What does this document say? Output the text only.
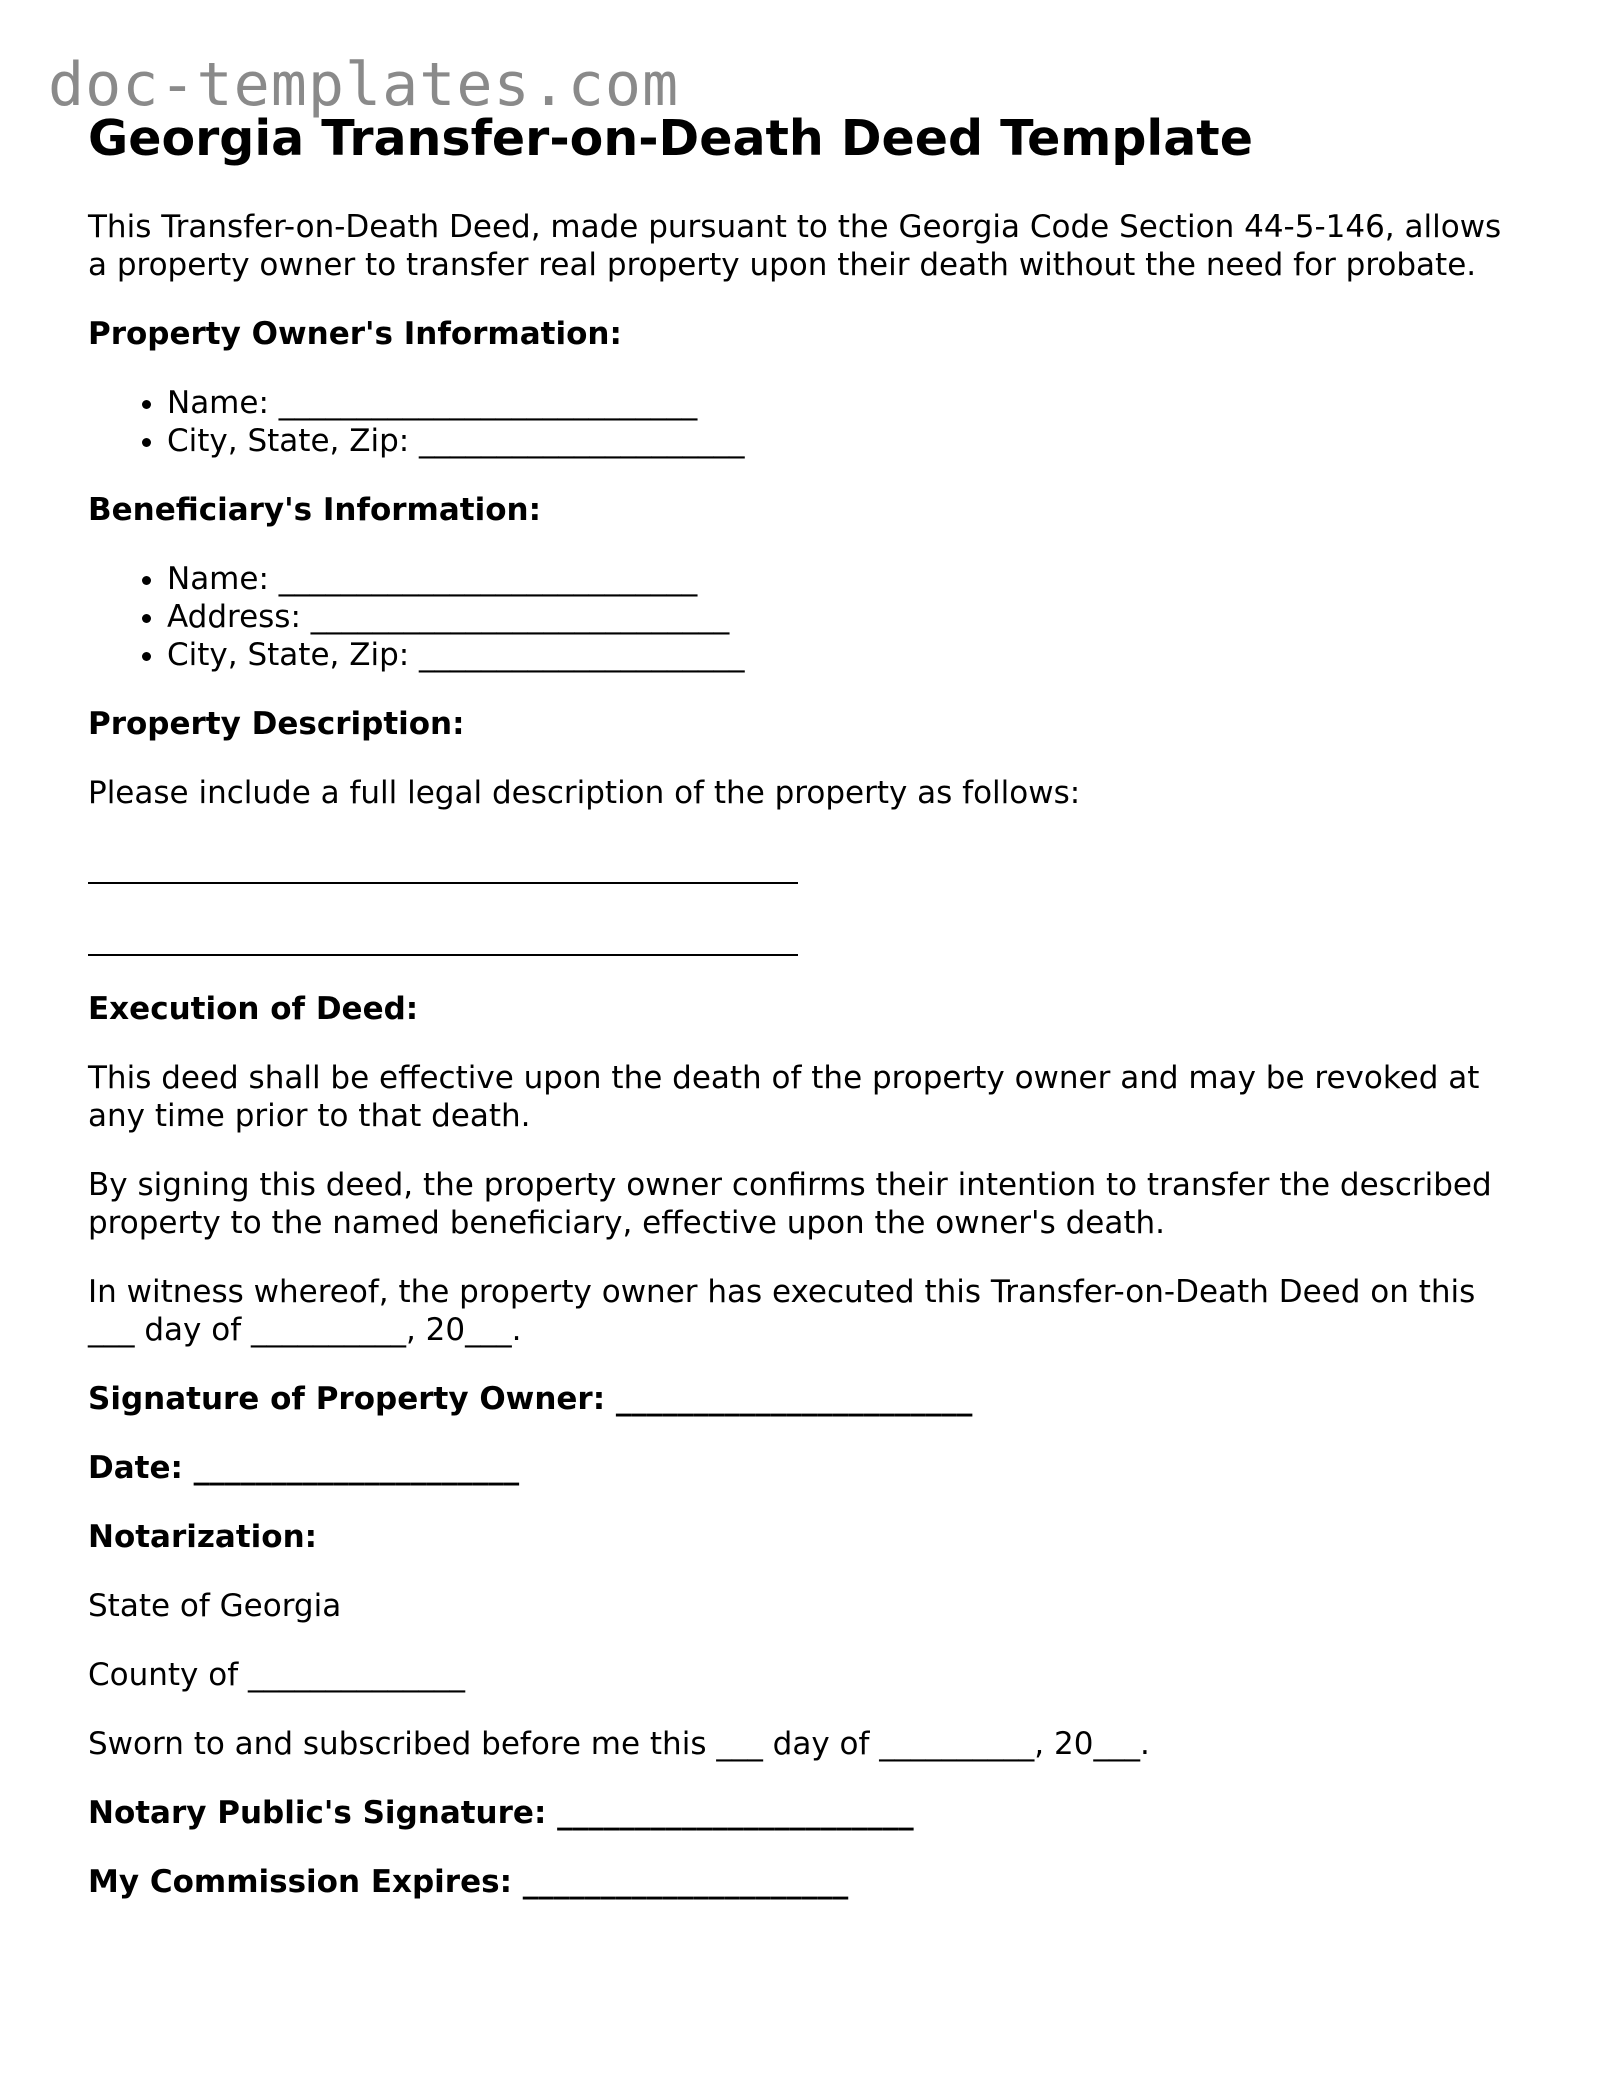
doc-templates.com
Georgia Transfer-on-Death Deed Template

This Transfer-on-Death Deed, made pursuant to the Georgia Code Section 44-5-146, allows a property owner to transfer real property upon their death without the need for probate.

Property Owner's Information:

• Name: ___________________________
• City, State, Zip: _____________________

Beneficiary's Information:

• Name: ___________________________
• Address: ___________________________
• City, State, Zip: _____________________

Property Description:

Please include a full legal description of the property as follows:

Execution of Deed:

This deed shall be effective upon the death of the property owner and may be revoked at any time prior to that death.

By signing this deed, the property owner confirms their intention to transfer the described property to the named beneficiary, effective upon the owner's death.

In witness whereof, the property owner has executed this Transfer-on-Death Deed on this ___ day of __________, 20___.

Signature of Property Owner: _______________________

Date: _____________________

Notarization:

State of Georgia

County of ______________

Sworn to and subscribed before me this ___ day of __________, 20___.

Notary Public's Signature: _______________________

My Commission Expires: _____________________
